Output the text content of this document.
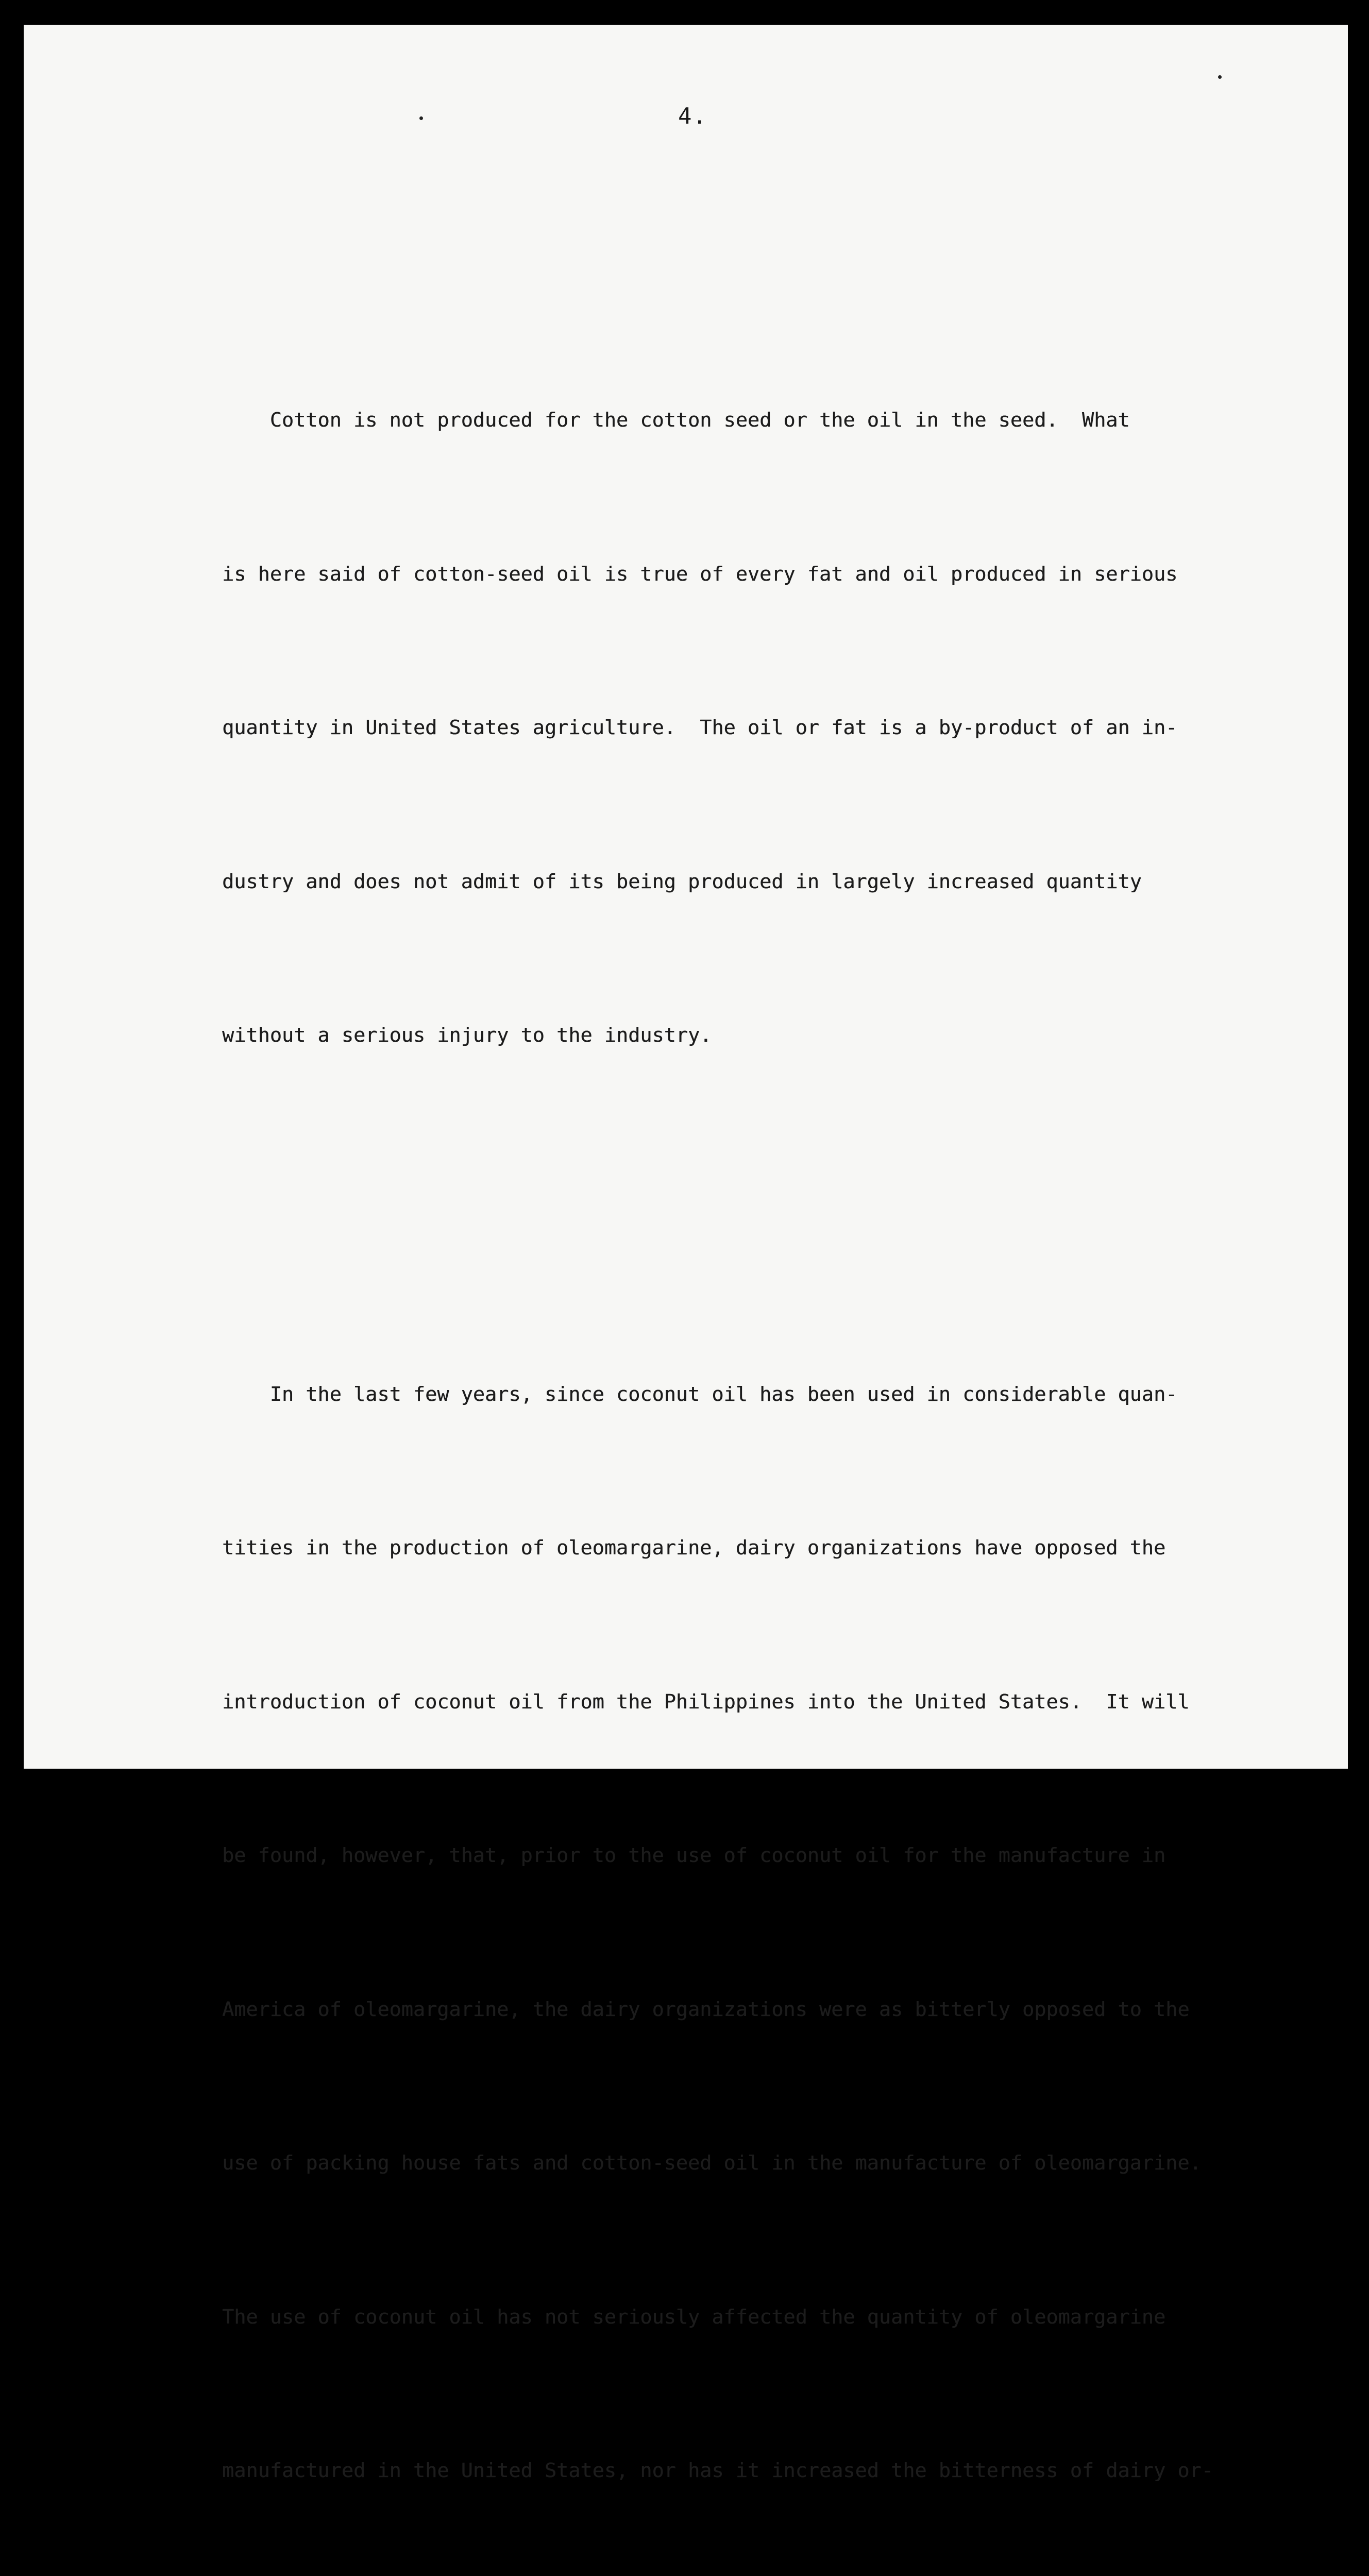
4.

Cotton is not produced for the cotton seed or the oil in the seed.  What

is here said of cotton-seed oil is true of every fat and oil produced in serious

quantity in United States agriculture.  The oil or fat is a by-product of an in-

dustry and does not admit of its being produced in largely increased quantity

without a serious injury to the industry.

In the last few years, since coconut oil has been used in considerable quan-

tities in the production of oleomargarine, dairy organizations have opposed the

introduction of coconut oil from the Philippines into the United States.  It will

be found, however, that, prior to the use of coconut oil for the manufacture in

America of oleomargarine, the dairy organizations were as bitterly opposed to the

use of packing house fats and cotton-seed oil in the manufacture of oleomargarine.

The use of coconut oil has not seriously affected the quantity of oleomargarine

manufactured in the United States, nor has it increased the bitterness of dairy or-
